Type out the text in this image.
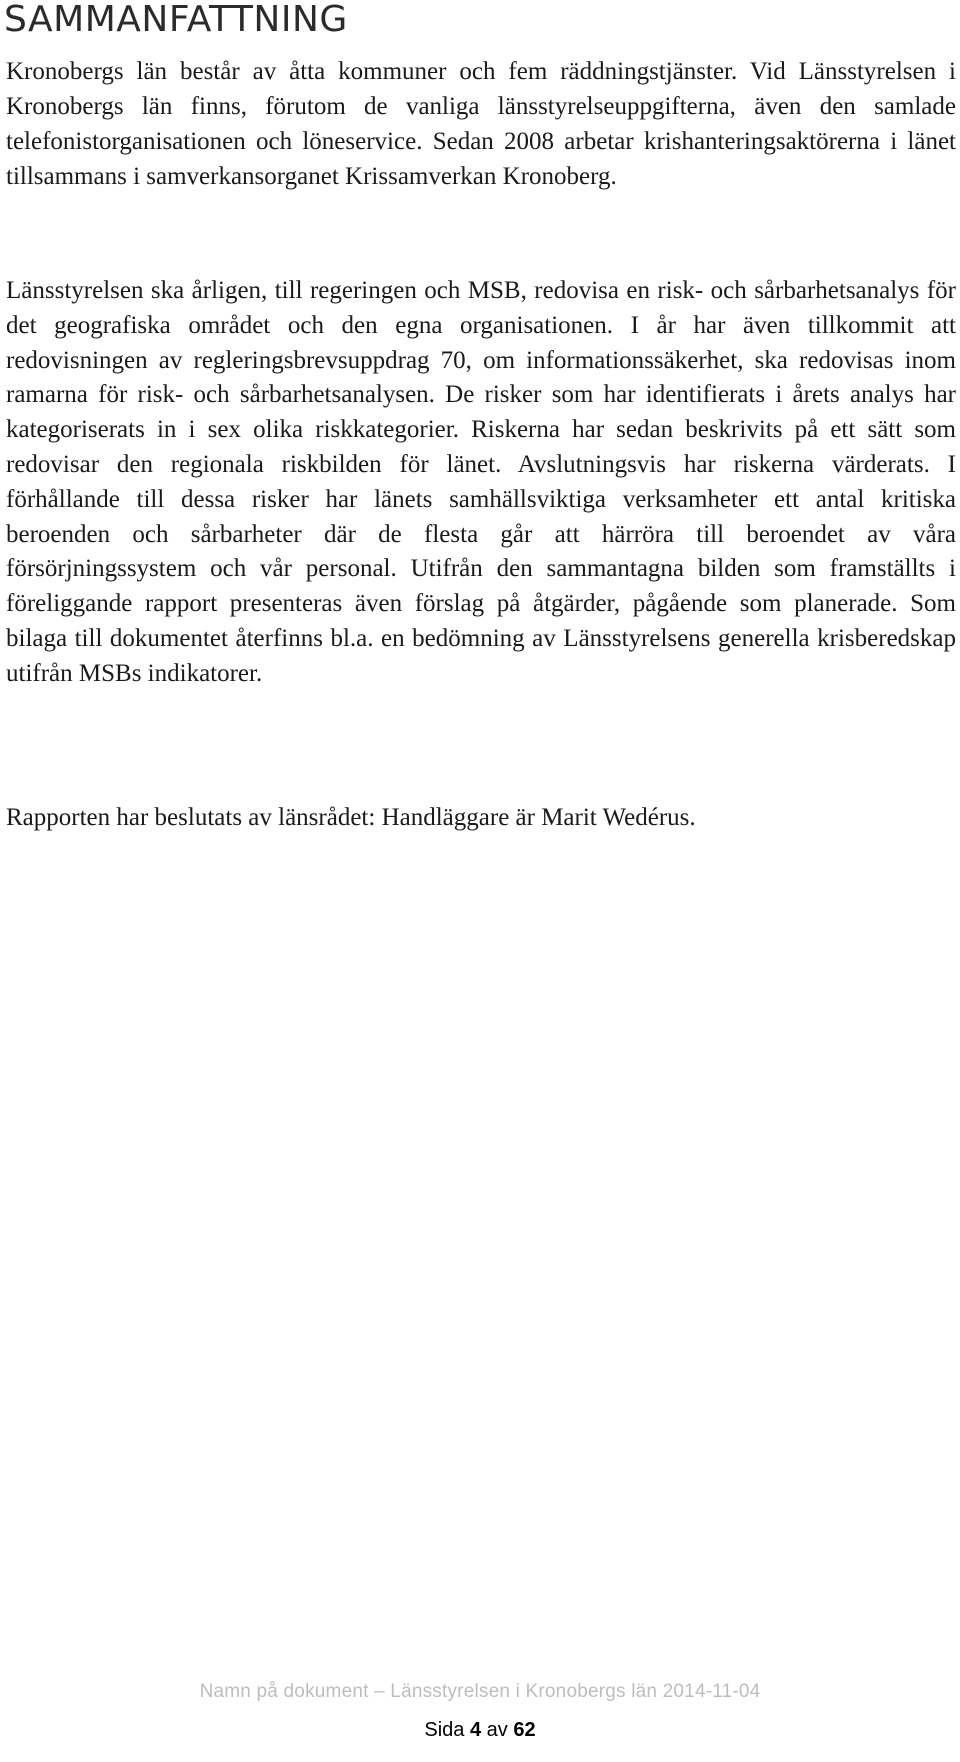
SAMMANFATTNING

Kronobergs län består av åtta kommuner och fem räddningstjänster. Vid Länsstyrelsen i Kronobergs län finns, förutom de vanliga länsstyrelseuppgifterna, även den samlade telefonistorganisationen och löneservice. Sedan 2008 arbetar krishanteringsaktörerna i länet tillsammans i samverkansorganet Krissamverkan Kronoberg.

Länsstyrelsen ska årligen, till regeringen och MSB, redovisa en risk- och sårbarhetsanalys för det geografiska området och den egna organisationen. I år har även tillkommit att redovisningen av regleringsbrevsuppdrag 70, om informationssäkerhet, ska redovisas inom ramarna för risk- och sårbarhetsanalysen. De risker som har identifierats i årets analys har kategoriserats in i sex olika riskkategorier. Riskerna har sedan beskrivits på ett sätt som redovisar den regionala riskbilden för länet. Avslutningsvis har riskerna värderats. I förhållande till dessa risker har länets samhällsviktiga verksamheter ett antal kritiska beroenden och sårbarheter där de flesta går att härröra till beroendet av våra försörjningssystem och vår personal. Utifrån den sammantagna bilden som framställts i föreliggande rapport presenteras även förslag på åtgärder, pågående som planerade. Som bilaga till dokumentet återfinns bl.a. en bedömning av Länsstyrelsens generella krisberedskap utifrån MSBs indikatorer.

Rapporten har beslutats av länsrådet: Handläggare är Marit Wedérus.

Namn på dokument – Länsstyrelsen i Kronobergs län 2014-11-04
Sida 4 av 62
